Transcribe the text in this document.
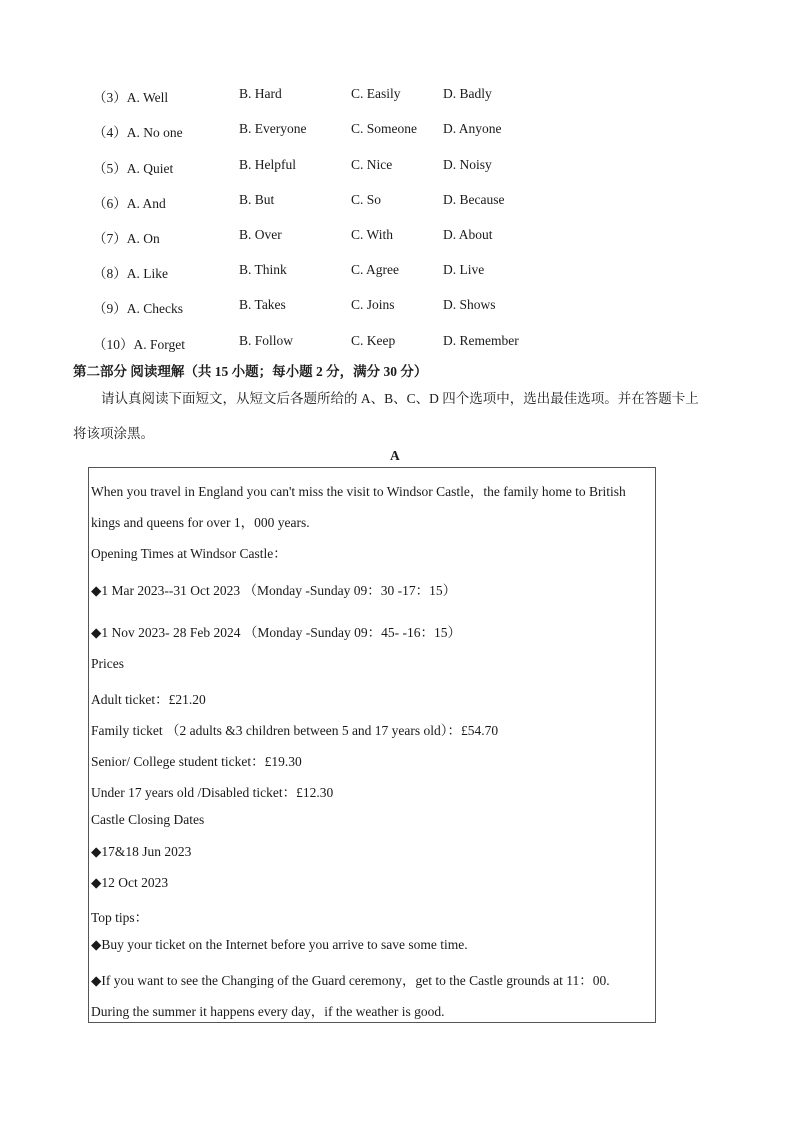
（3）A. Well	B. Hard	C. Easily	D. Badly
（4）A. No one	B. Everyone	C. Someone D. Anyone
（5）A. Quiet	B. Helpful	C. Nice	D. Noisy
（6）A. And	B. But	C. So	D. Because
（7）A. On	B. Over	C. With	D. About
（8）A. Like	B. Think	C. Agree	D. Live
（9）A. Checks	B. Takes	C. Joins	D. Shows
（10）A. Forget	B. Follow	C. Keep	D. Remember
第二部分 阅读理解（共 15 小题；每小题 2 分，满分 30 分）
请认真阅读下面短文，从短文后各题所给的 A、B、C、D 四个选项中，选出最佳选项。并在答题卡上
将该项涂黑。
A
When you travel in England you can't miss the visit to Windsor Castle，the family home to British
kings and queens for over 1，000 years.
Opening Times at Windsor Castle：
◆1 Mar 2023--31 Oct 2023 （Monday -Sunday 09：30 -17：15）
◆1 Nov 2023- 28 Feb 2024 （Monday -Sunday 09：45- -16：15）
Prices
Adult ticket：£21.20
Family ticket （2 adults &3 children between 5 and 17 years old）：£54.70
Senior/ College student ticket：£19.30
Under 17 years old /Disabled ticket：£12.30
Castle Closing Dates
◆17&18 Jun 2023
◆12 Oct 2023
Top tips：
◆Buy your ticket on the Internet before you arrive to save some time.
◆If you want to see the Changing of the Guard ceremony，get to the Castle grounds at 11：00.
During the summer it happens every day，if the weather is good.
